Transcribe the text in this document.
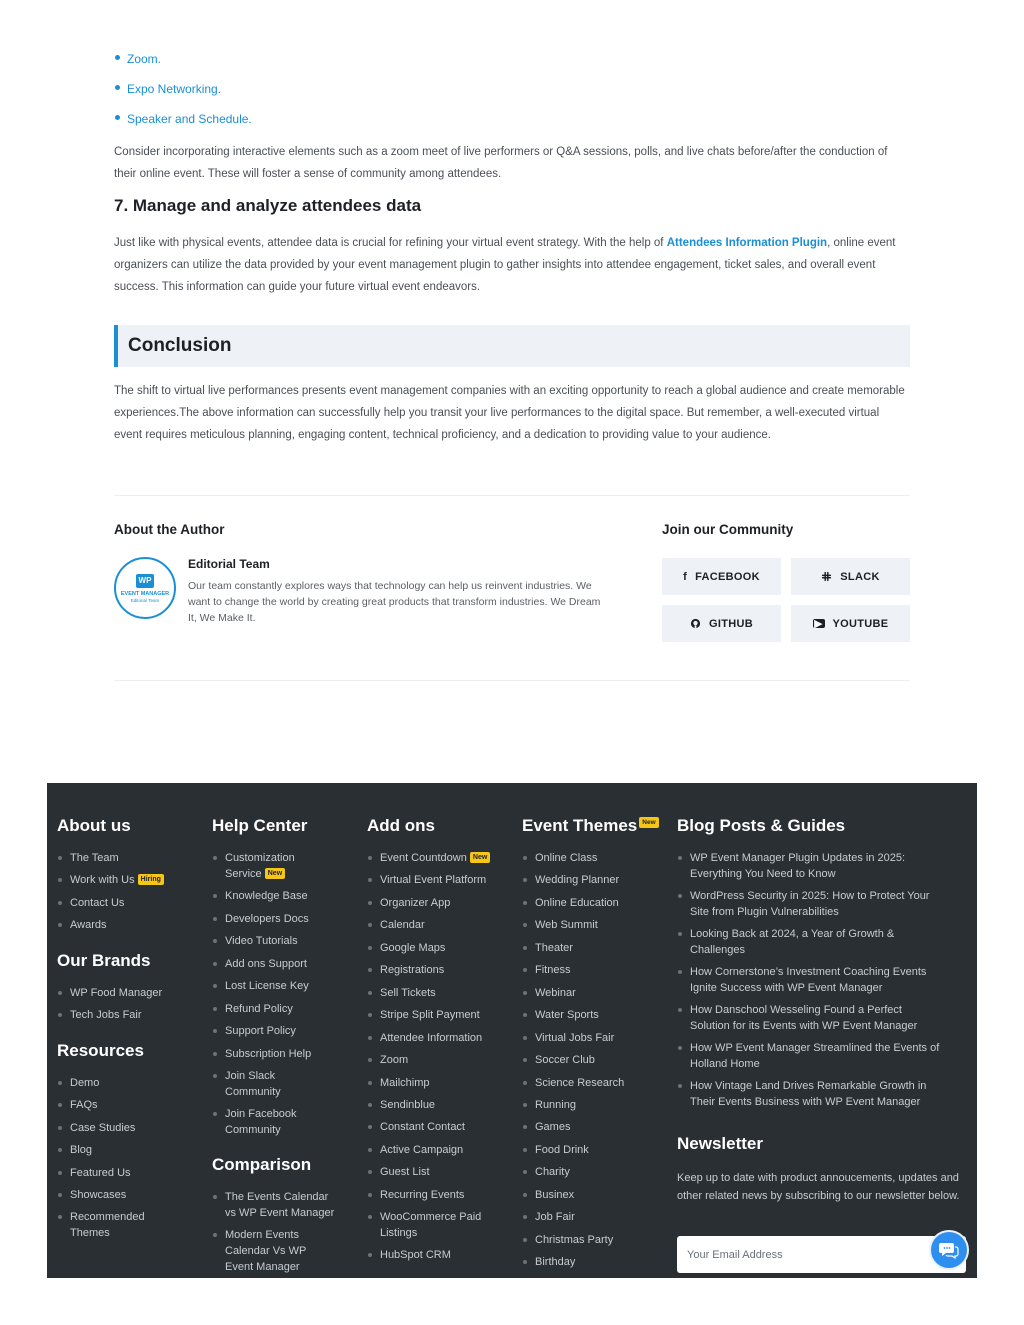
Zoom.
Expo Networking.
Speaker and Schedule.

Consider incorporating interactive elements such as a zoom meet of live performers or Q&A sessions, polls, and live chats before/after the conduction of their online event. These will foster a sense of community among attendees.

7. Manage and analyze attendees data

Just like with physical events, attendee data is crucial for refining your virtual event strategy. With the help of Attendees Information Plugin, online event organizers can utilize the data provided by your event management plugin to gather insights into attendee engagement, ticket sales, and overall event success. This information can guide your future virtual event endeavors.

Conclusion

The shift to virtual live performances presents event management companies with an exciting opportunity to reach a global audience and create memorable experiences.The above information can successfully help you transit your live performances to the digital space. But remember, a well-executed virtual event requires meticulous planning, engaging content, technical proficiency, and a dedication to providing value to your audience.

About the Author
WP
EVENT MANAGER
Editorial Team
Editorial Team
Our team constantly explores ways that technology can help us reinvent industries. We want to change the world by creating great products that transform industries. We Dream It, We Make It.
Join our Community
f FACEBOOK	SLACK
GITHUB	▶ YOUTUBE
About us
The Team
Work with Us Hiring
Contact Us
Awards
Our Brands
WP Food Manager
Tech Jobs Fair
Resources
Demo
FAQs
Case Studies
Blog
Featured Us
Showcases
Recommended
Themes
Help Center
Customization
Service New
Knowledge Base
Developers Docs
Video Tutorials
Add ons Support
Lost License Key
Refund Policy
Support Policy
Subscription Help
Join Slack
Community
Join Facebook
Community
Comparison
The Events Calendar
vs WP Event Manager
Modern Events
Calendar Vs WP
Event Manager
Add ons
Event Countdown New
Virtual Event Platform
Organizer App
Calendar
Google Maps
Registrations
Sell Tickets
Stripe Split Payment
Attendee Information
Zoom
Mailchimp
Sendinblue
Constant Contact
Active Campaign
Guest List
Recurring Events
WooCommerce Paid
Listings
HubSpot CRM
Event Themes New
Online Class
Wedding Planner
Online Education
Web Summit
Theater
Fitness
Webinar
Water Sports
Virtual Jobs Fair
Soccer Club
Science Research
Running
Games
Food Drink
Charity
Businex
Job Fair
Christmas Party
Birthday
Blog Posts & Guides
WP Event Manager Plugin Updates in 2025:
Everything You Need to Know
WordPress Security in 2025: How to Protect Your
Site from Plugin Vulnerabilities
Looking Back at 2024, a Year of Growth &
Challenges
How Cornerstone’s Investment Coaching Events
Ignite Success with WP Event Manager
How Danschool Wesseling Found a Perfect
Solution for its Events with WP Event Manager
How WP Event Manager Streamlined the Events of
Holland Home
How Vintage Land Drives Remarkable Growth in
Their Events Business with WP Event Manager
Newsletter

Keep up to date with product annoucements, updates and other related news by subscribing to our newsletter below.

Your Email Address
